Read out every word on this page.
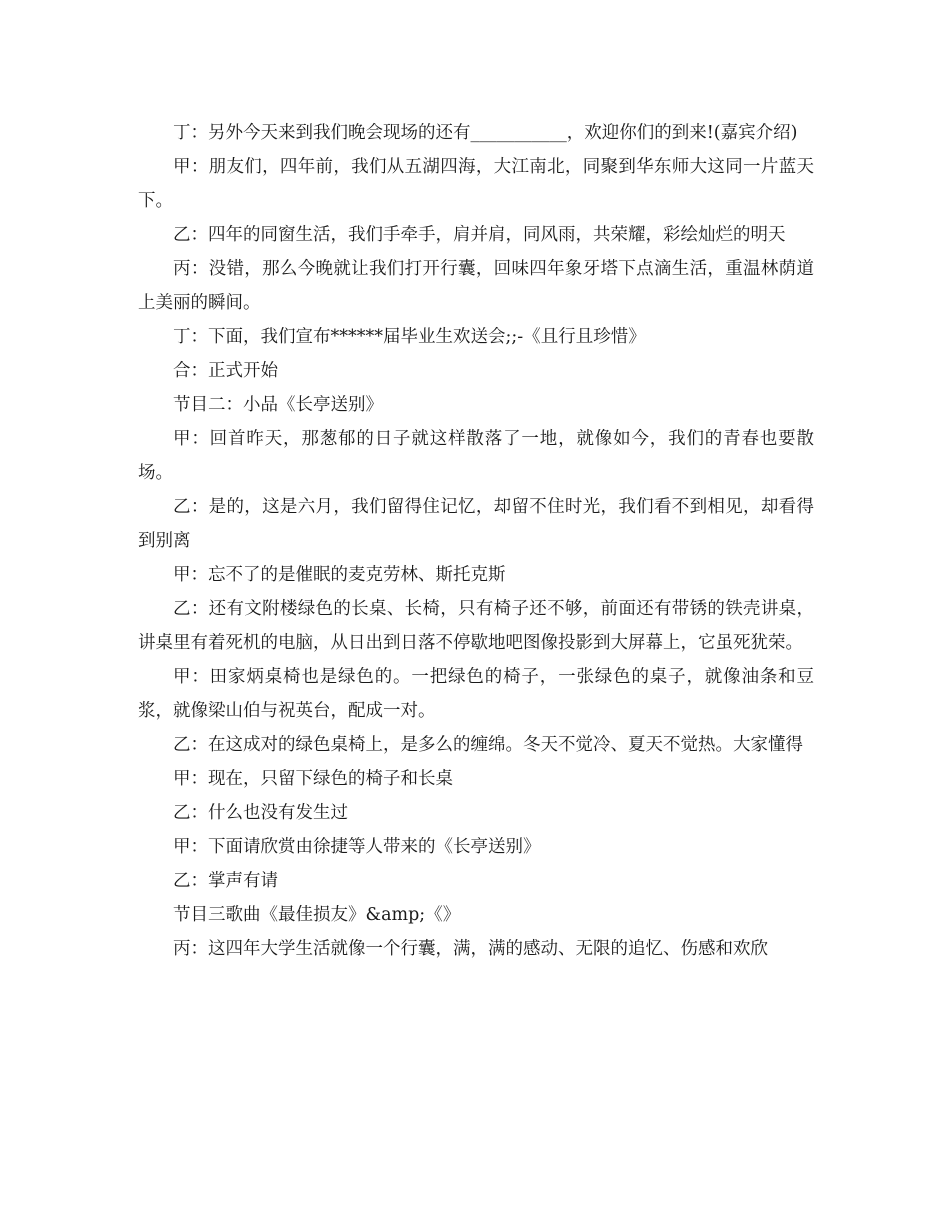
丁：另外今天来到我们晚会现场的还有___________，欢迎你们的到来!(嘉宾介绍)

甲：朋友们，四年前，我们从五湖四海，大江南北，同聚到华东师大这同一片蓝天下。

乙：四年的同窗生活，我们手牵手，肩并肩，同风雨，共荣耀，彩绘灿烂的明天

丙：没错，那么今晚就让我们打开行囊，回味四年象牙塔下点滴生活，重温林荫道上美丽的瞬间。

丁：下面，我们宣布******届毕业生欢送会;;-《且行且珍惜》

合：正式开始

节目二：小品《长亭送别》

甲：回首昨天，那葱郁的日子就这样散落了一地，就像如今，我们的青春也要散场。

乙：是的，这是六月，我们留得住记忆，却留不住时光，我们看不到相见，却看得到别离

甲：忘不了的是催眠的麦克劳林、斯托克斯

乙：还有文附楼绿色的长桌、长椅，只有椅子还不够，前面还有带锈的铁壳讲桌，讲桌里有着死机的电脑，从日出到日落不停歇地吧图像投影到大屏幕上，它虽死犹荣。

甲：田家炳桌椅也是绿色的。一把绿色的椅子，一张绿色的桌子，就像油条和豆浆，就像梁山伯与祝英台，配成一对。

乙：在这成对的绿色桌椅上，是多么的缠绵。冬天不觉冷、夏天不觉热。大家懂得

甲：现在，只留下绿色的椅子和长桌

乙：什么也没有发生过

甲：下面请欣赏由徐捷等人带来的《长亭送别》

乙：掌声有请

节目三歌曲《最佳损友》&amp;《》

丙：这四年大学生活就像一个行囊，满，满的感动、无限的追忆、伤感和欢欣
